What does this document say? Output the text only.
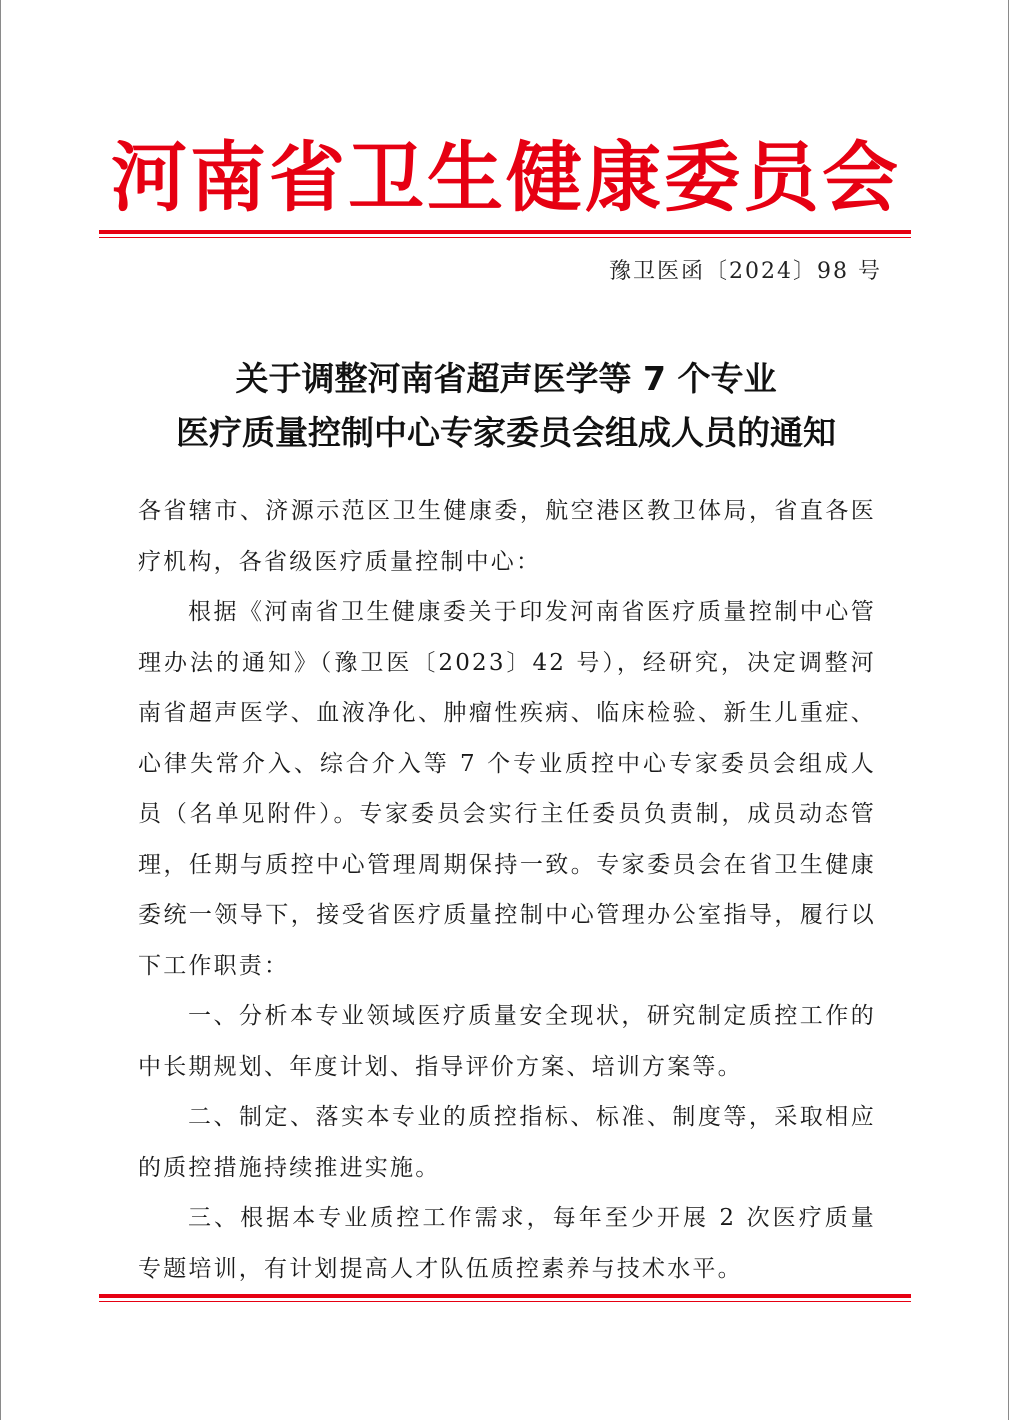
河南省卫生健康委员会
豫卫医函〔2024〕98 号
关于调整河南省超声医学等 7 个专业
医疗质量控制中心专家委员会组成人员的通知

各省辖市、济源示范区卫生健康委，航空港区教卫体局，省直各医疗机构，各省级医疗质量控制中心：

根据《河南省卫生健康委关于印发河南省医疗质量控制中心管理办法的通知》（豫卫医〔2023〕42 号），经研究，决定调整河南省超声医学、血液净化、肿瘤性疾病、临床检验、新生儿重症、心律失常介入、综合介入等 7 个专业质控中心专家委员会组成人员（名单见附件）。专家委员会实行主任委员负责制，成员动态管理，任期与质控中心管理周期保持一致。专家委员会在省卫生健康委统一领导下，接受省医疗质量控制中心管理办公室指导，履行以下工作职责：

一、分析本专业领域医疗质量安全现状，研究制定质控工作的中长期规划、年度计划、指导评价方案、培训方案等。

二、制定、落实本专业的质控指标、标准、制度等，采取相应的质控措施持续推进实施。

三、根据本专业质控工作需求，每年至少开展 2 次医疗质量专题培训，有计划提高人才队伍质控素养与技术水平。
